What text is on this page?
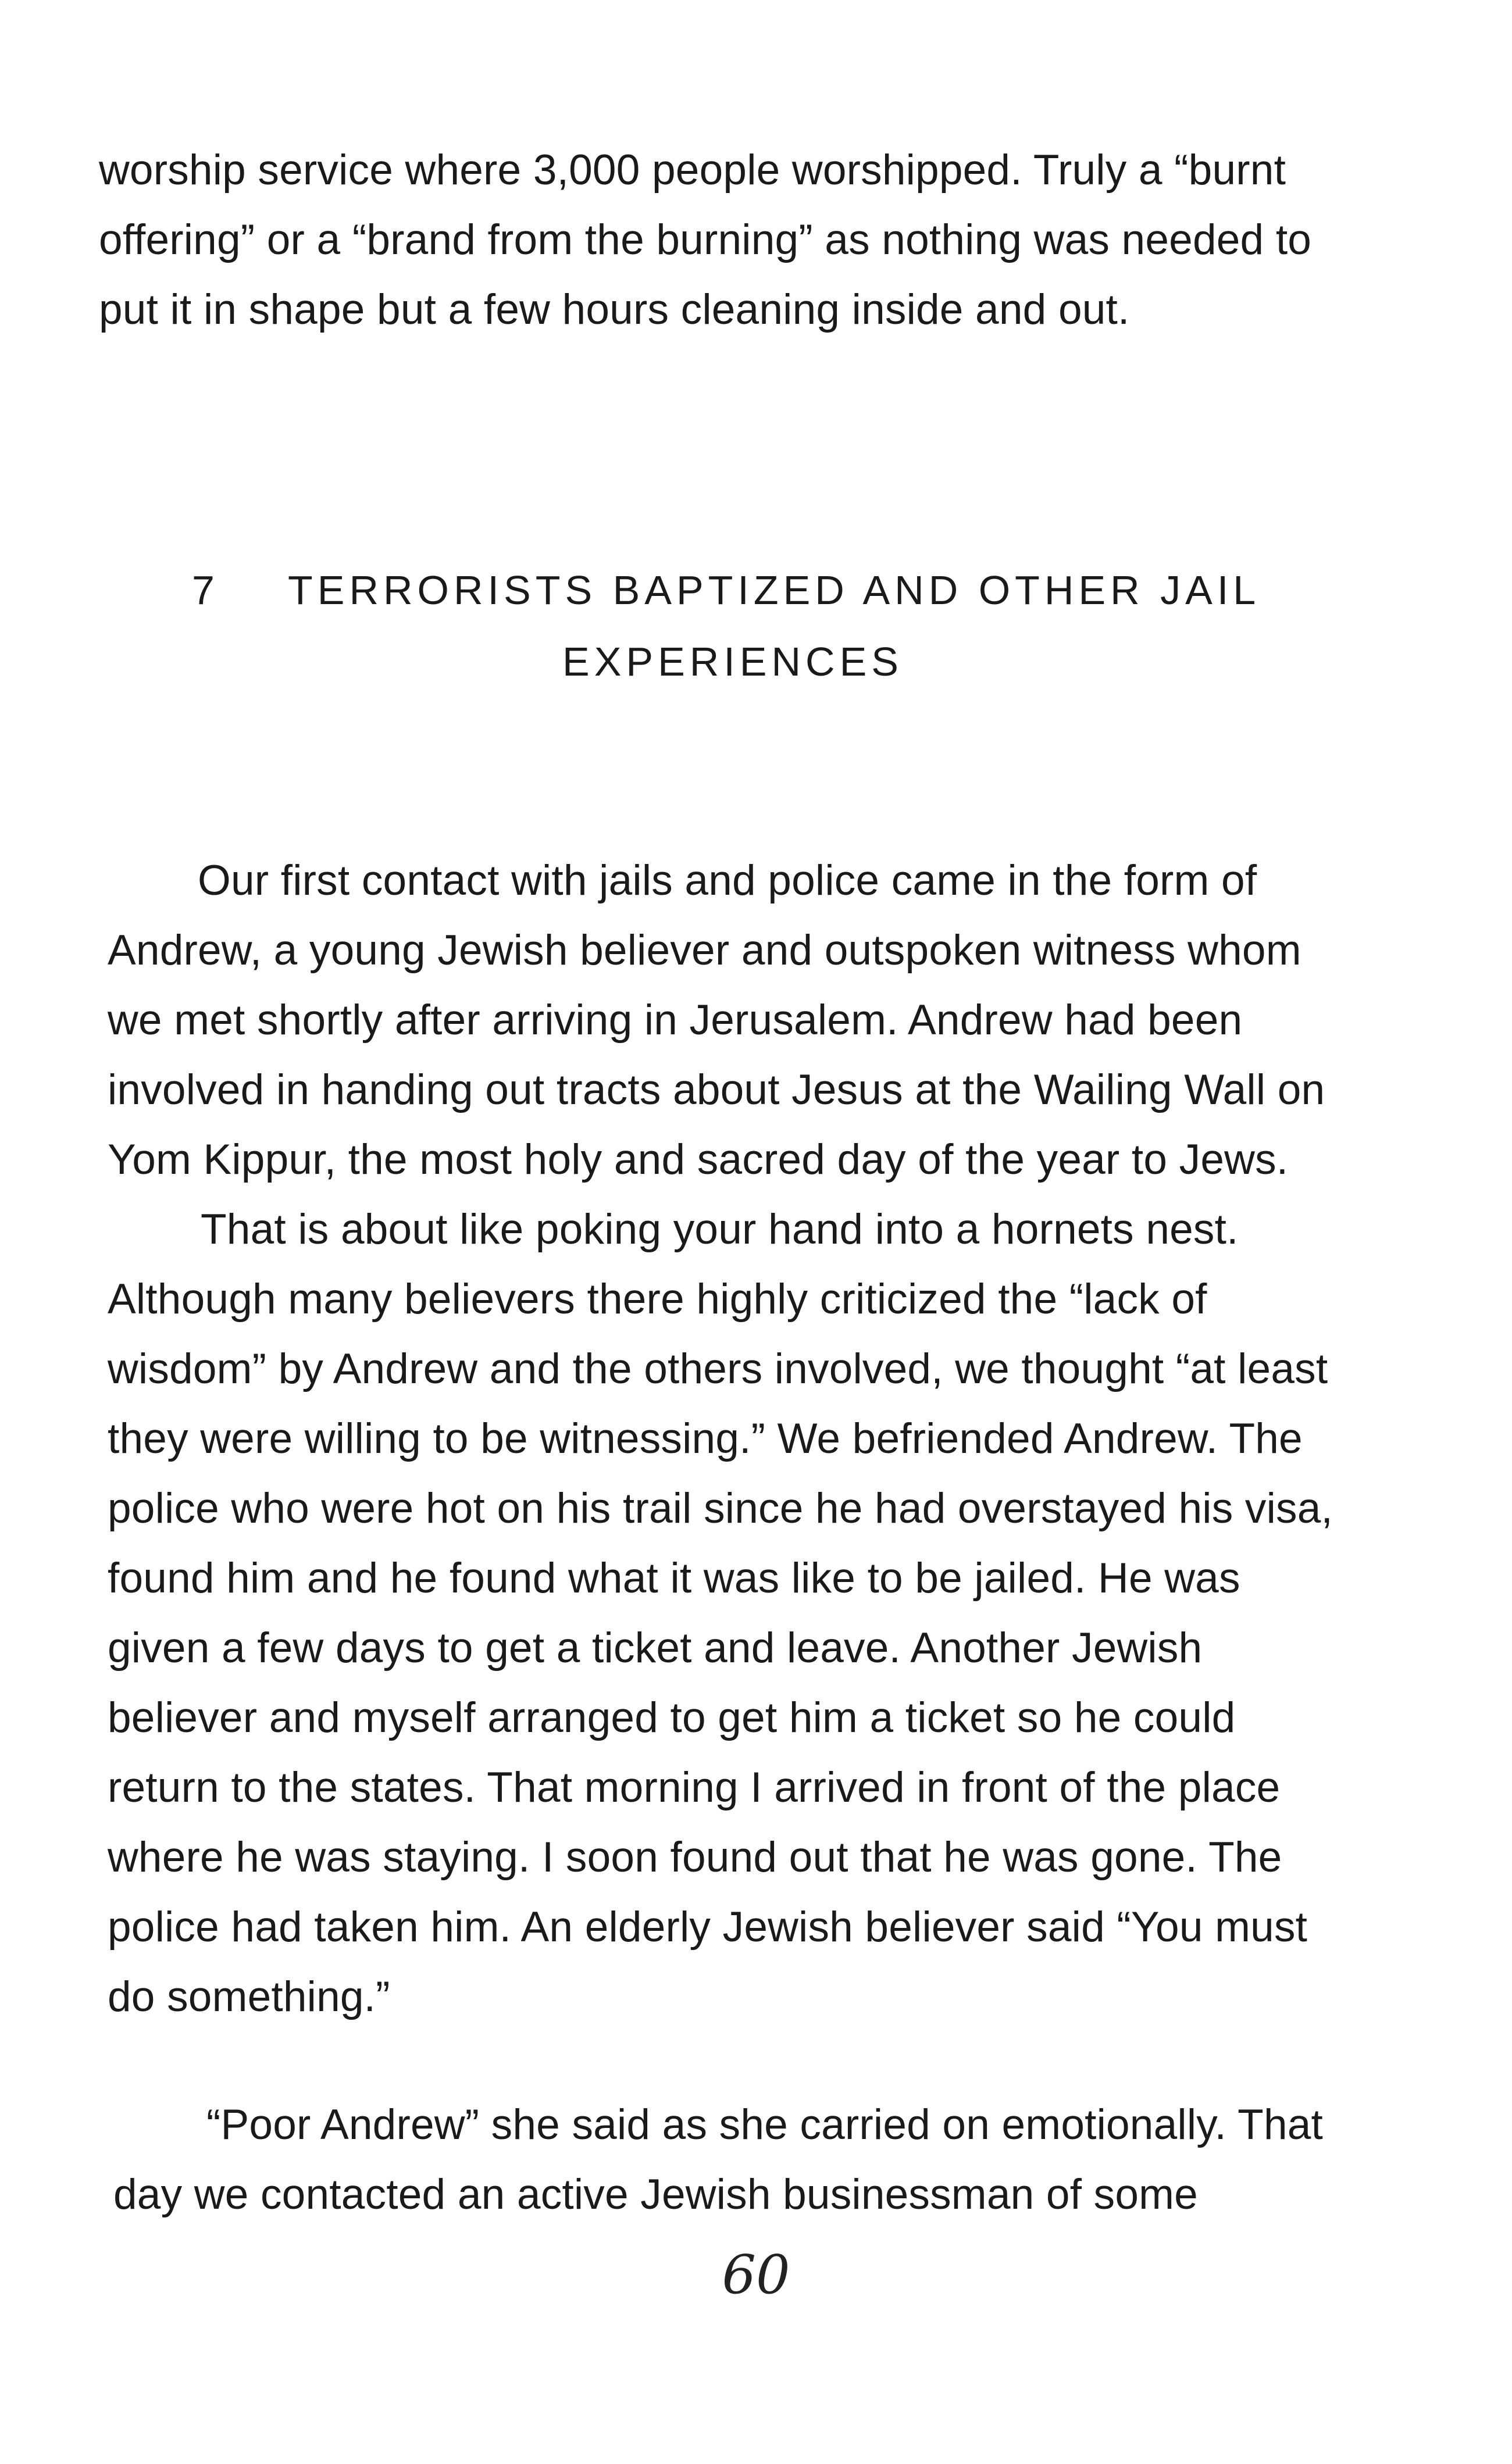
worship service where 3,000 people worshipped. Truly a “burnt
offering” or a “brand from the burning” as nothing was needed to
put it in shape but a few hours cleaning inside and out.
7 TERRORISTS BAPTIZED AND OTHER JAIL
EXPERIENCES
Our first contact with jails and police came in the form of
Andrew, a young Jewish believer and outspoken witness whom
we met shortly after arriving in Jerusalem. Andrew had been
involved in handing out tracts about Jesus at the Wailing Wall on
Yom Kippur, the most holy and sacred day of the year to Jews.
That is about like poking your hand into a hornets nest.
Although many believers there highly criticized the “lack of
wisdom” by Andrew and the others involved, we thought “at least
they were willing to be witnessing.” We befriended Andrew. The
police who were hot on his trail since he had overstayed his visa,
found him and he found what it was like to be jailed. He was
given a few days to get a ticket and leave. Another Jewish
believer and myself arranged to get him a ticket so he could
return to the states. That morning I arrived in front of the place
where he was staying. I soon found out that he was gone. The
police had taken him. An elderly Jewish believer said “You must
do something.”
“Poor Andrew” she said as she carried on emotionally. That
day we contacted an active Jewish businessman of some
60
